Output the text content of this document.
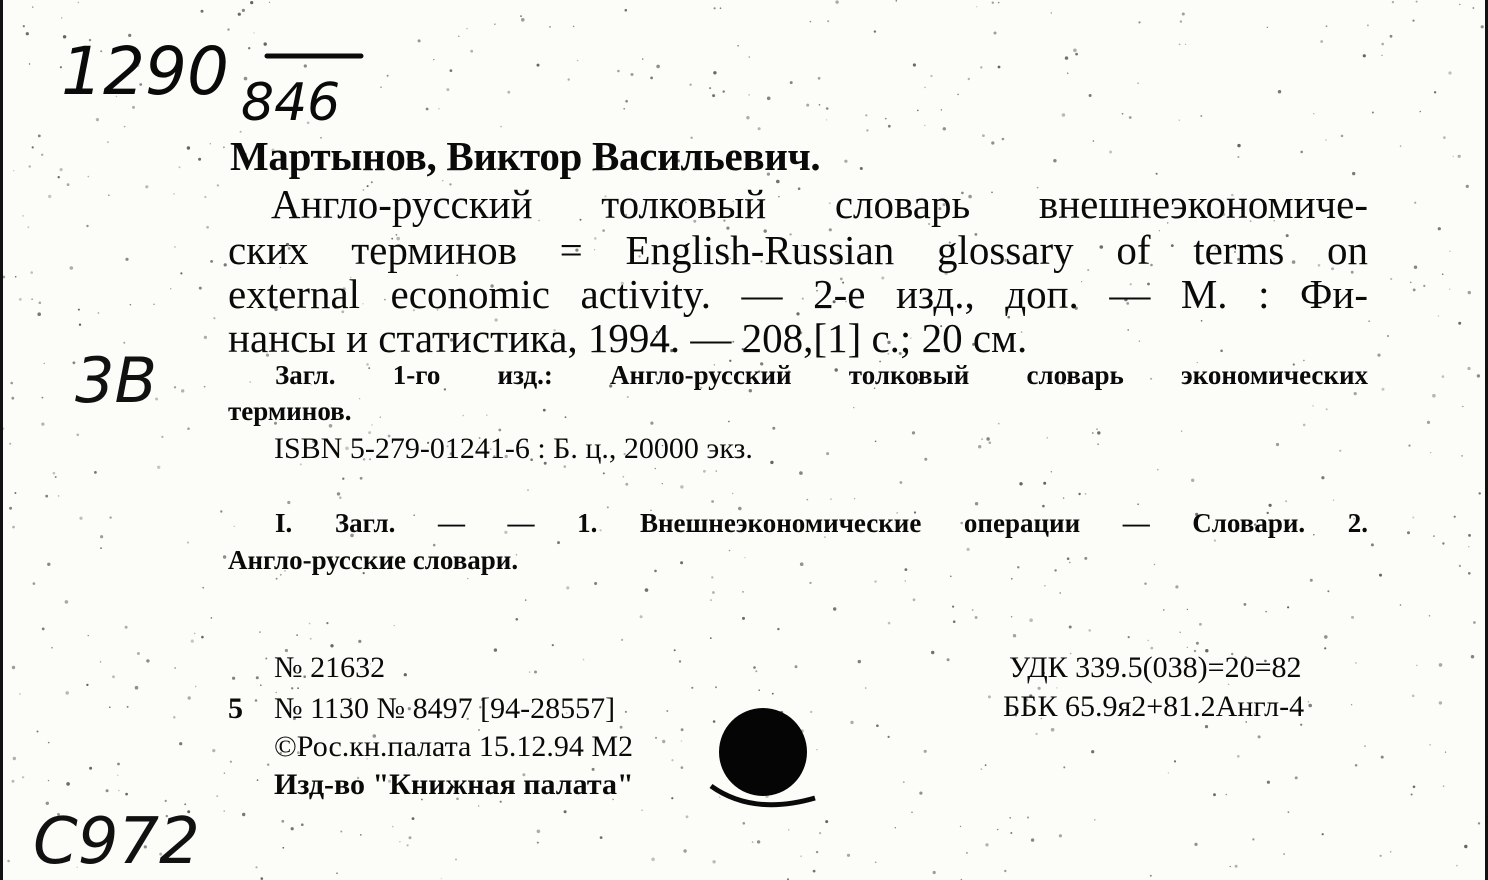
1290 846
3B
C972
Мартынов, Виктор Васильевич.
Англо-русский толковый словарь внешнеэкономиче-
ских терминов = English-Russian glossary of terms on
external economic activity. — 2-е изд., доп. — М. : Фи-
нансы и статистика, 1994. — 208,[1] с.; 20 см.
Загл. 1-го изд.: Англо-русский толковый словарь экономических
терминов.
ISBN 5-279-01241-6 : Б. ц., 20000 экз.
I. Загл. — — 1. Внешнеэкономические операции — Словари. 2.
Англо-русские словари.
№ 21632
5 № 1130 № 8497 [94-28557]
©Рос.кн.палата 15.12.94 М2
Изд-во "Книжная палата"
УДК 339.5(038)=20=82
ББК 65.9я2+81.2Англ-4
